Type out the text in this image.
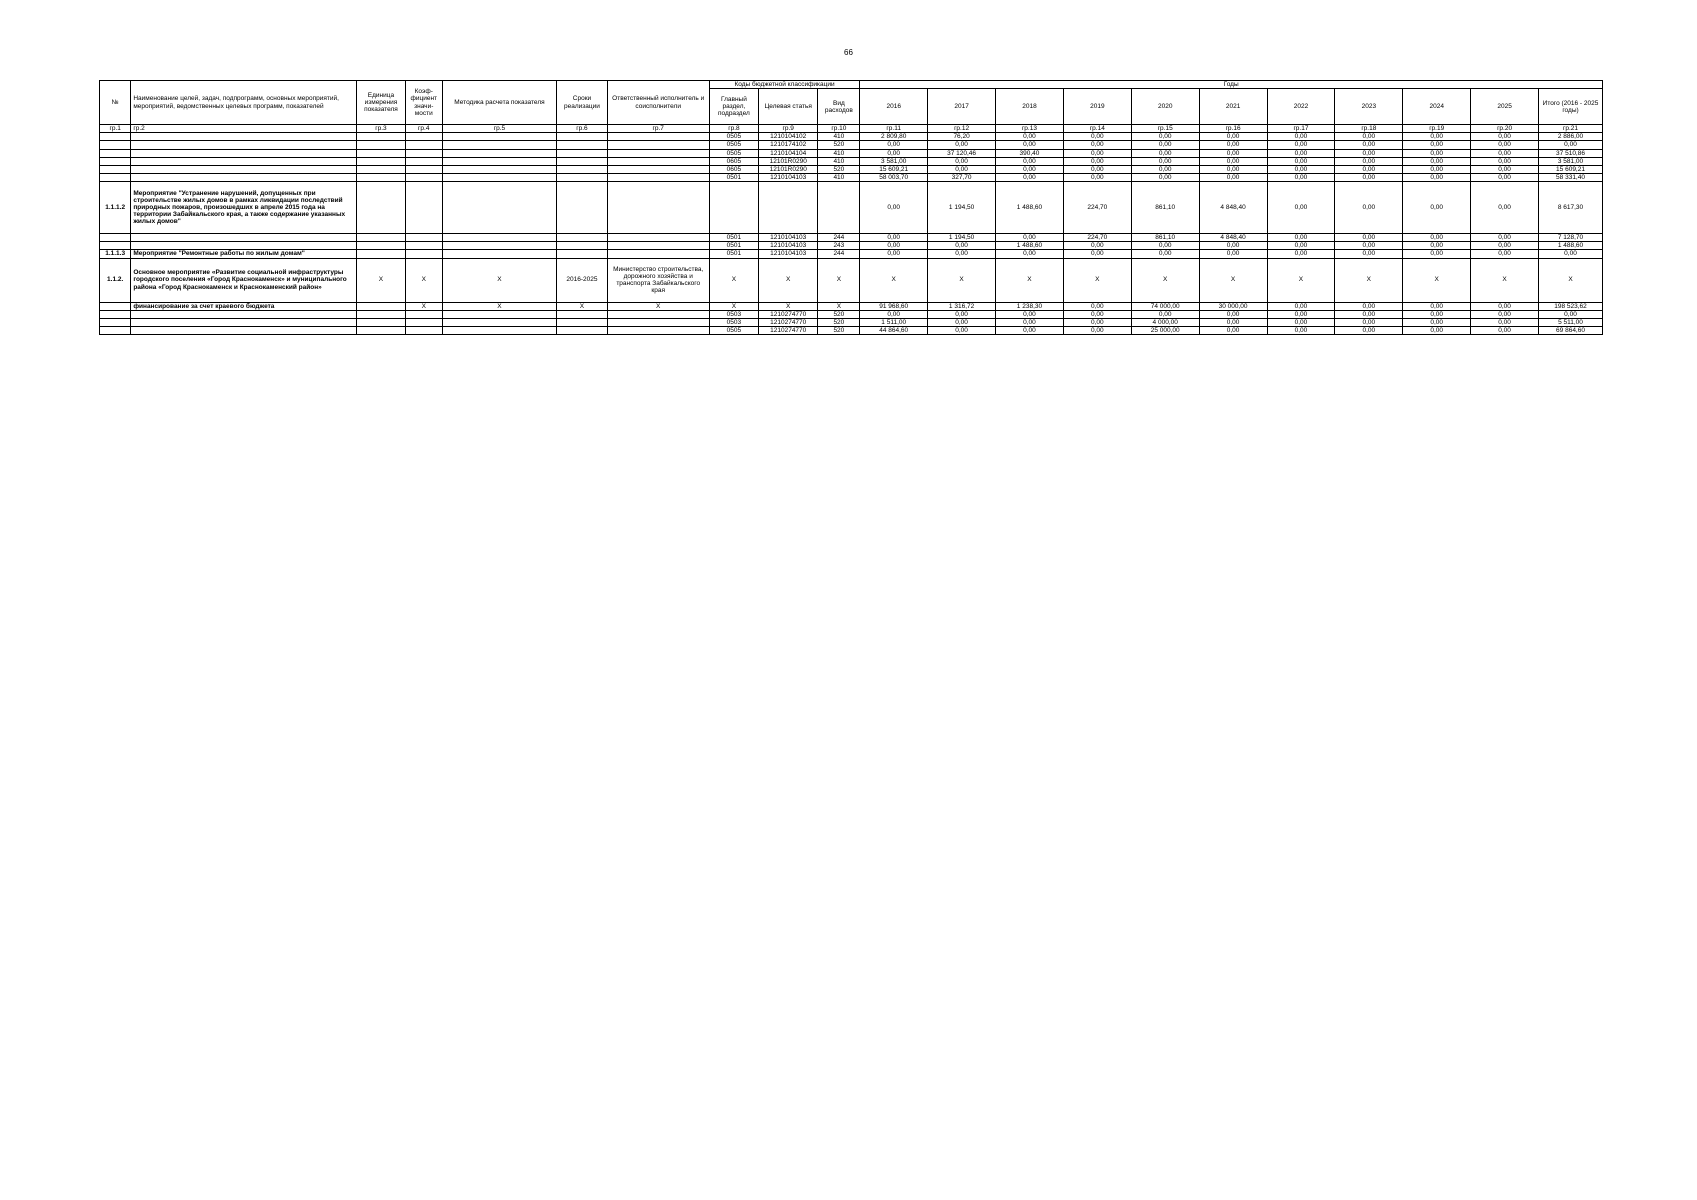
66
№	Наименование целей, задач, подпрограмм, основных мероприятий, мероприятий, ведомственных целевых программ, показателей	Единица измерения показателя	Коэф-фициент значи-мости	Методика расчета показателя	Сроки реализации	Ответственный исполнитель и соисполнители	Коды бюджетной классификации			Годы										
							Главный раздел, подраздел	Целевая статья	Вид расходов	2016	2017	2018	2019	2020	2021	2022	2023	2024	2025	Итого (2016 - 2025 годы)
гр.1	гр.2	гр.3	гр.4	гр.5	гр.6	гр.7	гр.8	гр.9	гр.10	гр.11	гр.12	гр.13	гр.14	гр.15	гр.16	гр.17	гр.18	гр.19	гр.20	гр.21
							0505	1210104102	410	2 809,80	76,20	0,00	0,00	0,00	0,00	0,00	0,00	0,00	0,00	2 886,00
							0505	1210174102	520	0,00	0,00	0,00	0,00	0,00	0,00	0,00	0,00	0,00	0,00	0,00
							0505	1210104104	410	0,00	37 120,46	390,40	0,00	0,00	0,00	0,00	0,00	0,00	0,00	37 510,86
							0605	12101R0290	410	3 581,00	0,00	0,00	0,00	0,00	0,00	0,00	0,00	0,00	0,00	3 581,00
							0605	12101R0290	520	15 609,21	0,00	0,00	0,00	0,00	0,00	0,00	0,00	0,00	0,00	15 609,21
							0501	1210104103	410	58 003,70	327,70	0,00	0,00	0,00	0,00	0,00	0,00	0,00	0,00	58 331,40
1.1.1.2	Мероприятие "Устранение нарушений, допущенных при строительстве жилых домов в рамках ликвидации последствий природных пожаров, произошедших в апреле 2015 года на территории Забайкальского края, а также содержание указанных жилых домов"									0,00	1 194,50	1 488,60	224,70	861,10	4 848,40	0,00	0,00	0,00	0,00	8 617,30
							0501	1210104103	244	0,00	1 194,50	0,00	224,70	861,10	4 848,40	0,00	0,00	0,00	0,00	7 128,70
							0501	1210104103	243	0,00	0,00	1 488,60	0,00	0,00	0,00	0,00	0,00	0,00	0,00	1 488,60
1.1.1.3	Мероприятие "Ремонтные работы по жилым домам"						0501	1210104103	244	0,00	0,00	0,00	0,00	0,00	0,00	0,00	0,00	0,00	0,00	0,00
1.1.2.	Основное мероприятие «Развитие социальной инфраструктуры городского поселения «Город Краснокаменск» и муниципального района «Город Краснокаменск и Краснокаменский район»	Х	Х	Х	2016-2025	Министерство строительства, дорожного хозяйства и транспорта Забайкальского края	Х	Х	Х	Х	Х	Х	Х	Х	Х	Х	Х	Х	Х	Х
	финансирование за счет краевого бюджета		Х	Х	Х	Х	Х	Х	Х	91 968,60	1 316,72	1 238,30	0,00	74 000,00	30 000,00	0,00	0,00	0,00	0,00	198 523,62
							0503	1210274770	520	0,00	0,00	0,00	0,00	0,00	0,00	0,00	0,00	0,00	0,00	0,00
							0503	1210274770	520	1 511,00	0,00	0,00	0,00	4 000,00	0,00	0,00	0,00	0,00	0,00	5 511,00
							0505	1210274770	520	44 864,60	0,00	0,00	0,00	25 000,00	0,00	0,00	0,00	0,00	0,00	69 864,60
